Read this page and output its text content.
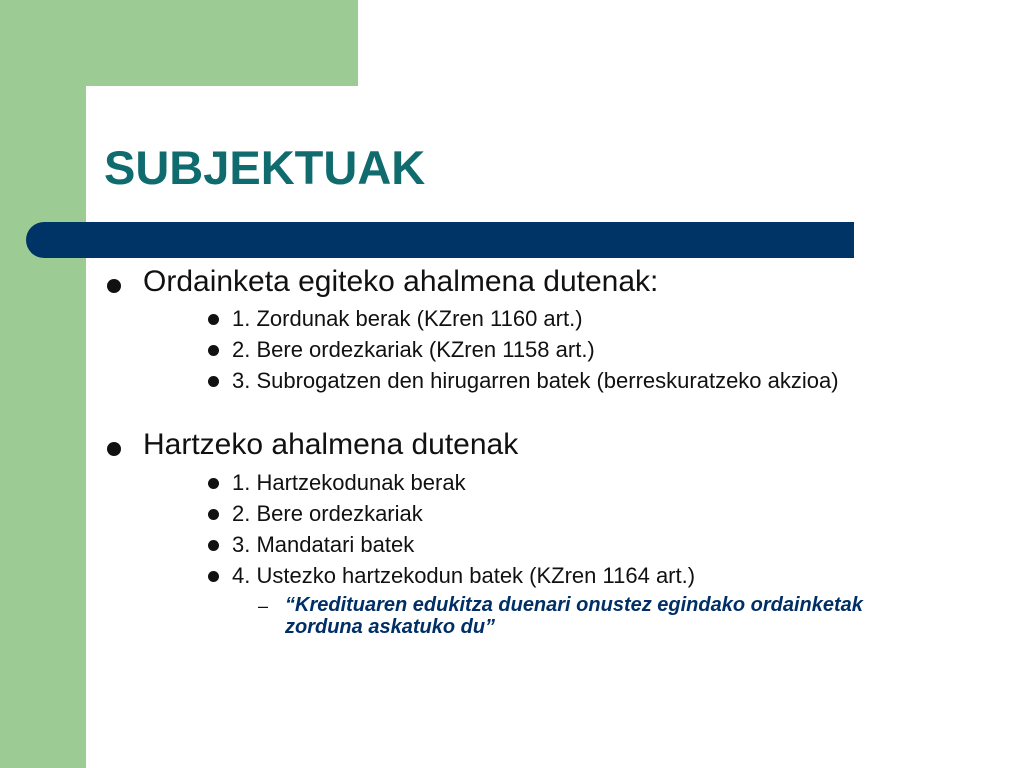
SUBJEKTUAK
Ordainketa egiteko ahalmena dutenak:
1. Zordunak berak (KZren 1160 art.)
2. Bere ordezkariak (KZren 1158 art.)
3. Subrogatzen den hirugarren batek (berreskuratzeko akzioa)
Hartzeko ahalmena dutenak
1. Hartzekodunak berak
2. Bere ordezkariak
3. Mandatari batek
4. Ustezko hartzekodun batek (KZren 1164 art.)
– “Kredituaren edukitza duenari onustez egindako ordainketak
zorduna askatuko du”
